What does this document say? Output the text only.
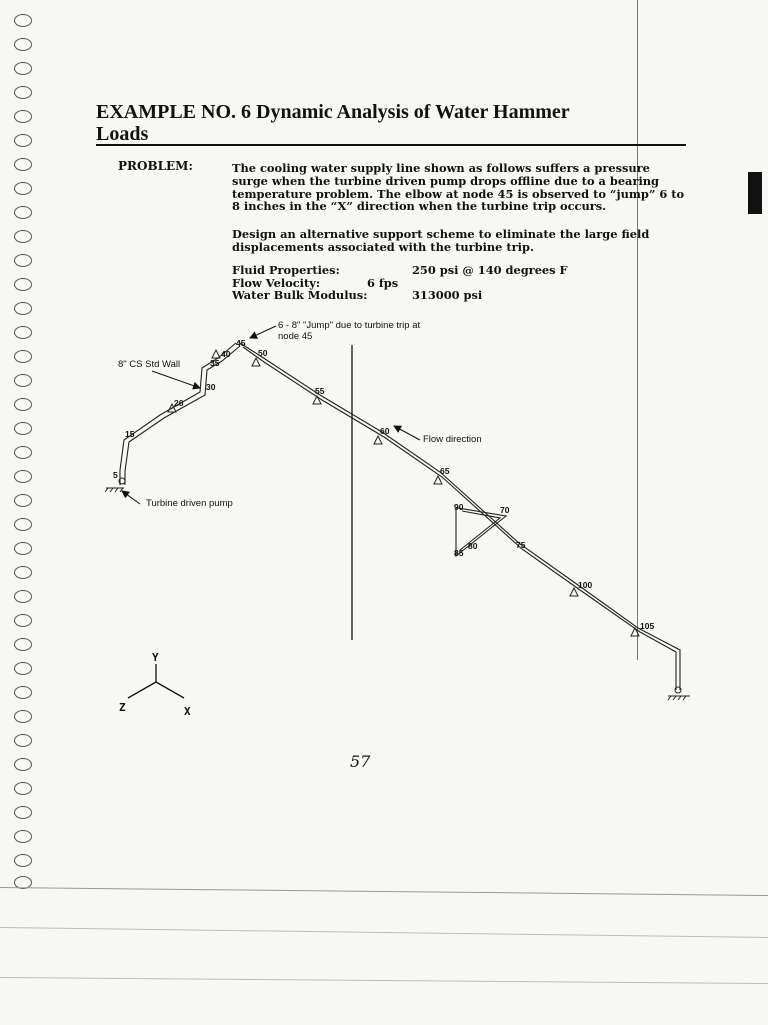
EXAMPLE NO. 6 Dynamic Analysis of Water Hammer
Loads
PROBLEM:	The cooling water supply line shown as follows suffers a pressure surge when the turbine driven pump drops offline due to a bearing temperature problem. The elbow at node 45 is observed to “jump” 6 to 8 inches in the “X” direction when the turbine trip occurs.
Design an alternative support scheme to eliminate the large field displacements associated with the turbine trip.
Fluid Properties:	250 psi @ 140 degrees F
Flow Velocity:	6 fps
Water Bulk Modulus:	313000 psi
5
15
26
30
35
40
45
50
55
60
65
70
75
80
85
90
100
105
6 - 8" "Jump" due to turbine trip at
node 45
8" CS Std Wall
Flow direction
Turbine driven pump
Y
Z	X
57
